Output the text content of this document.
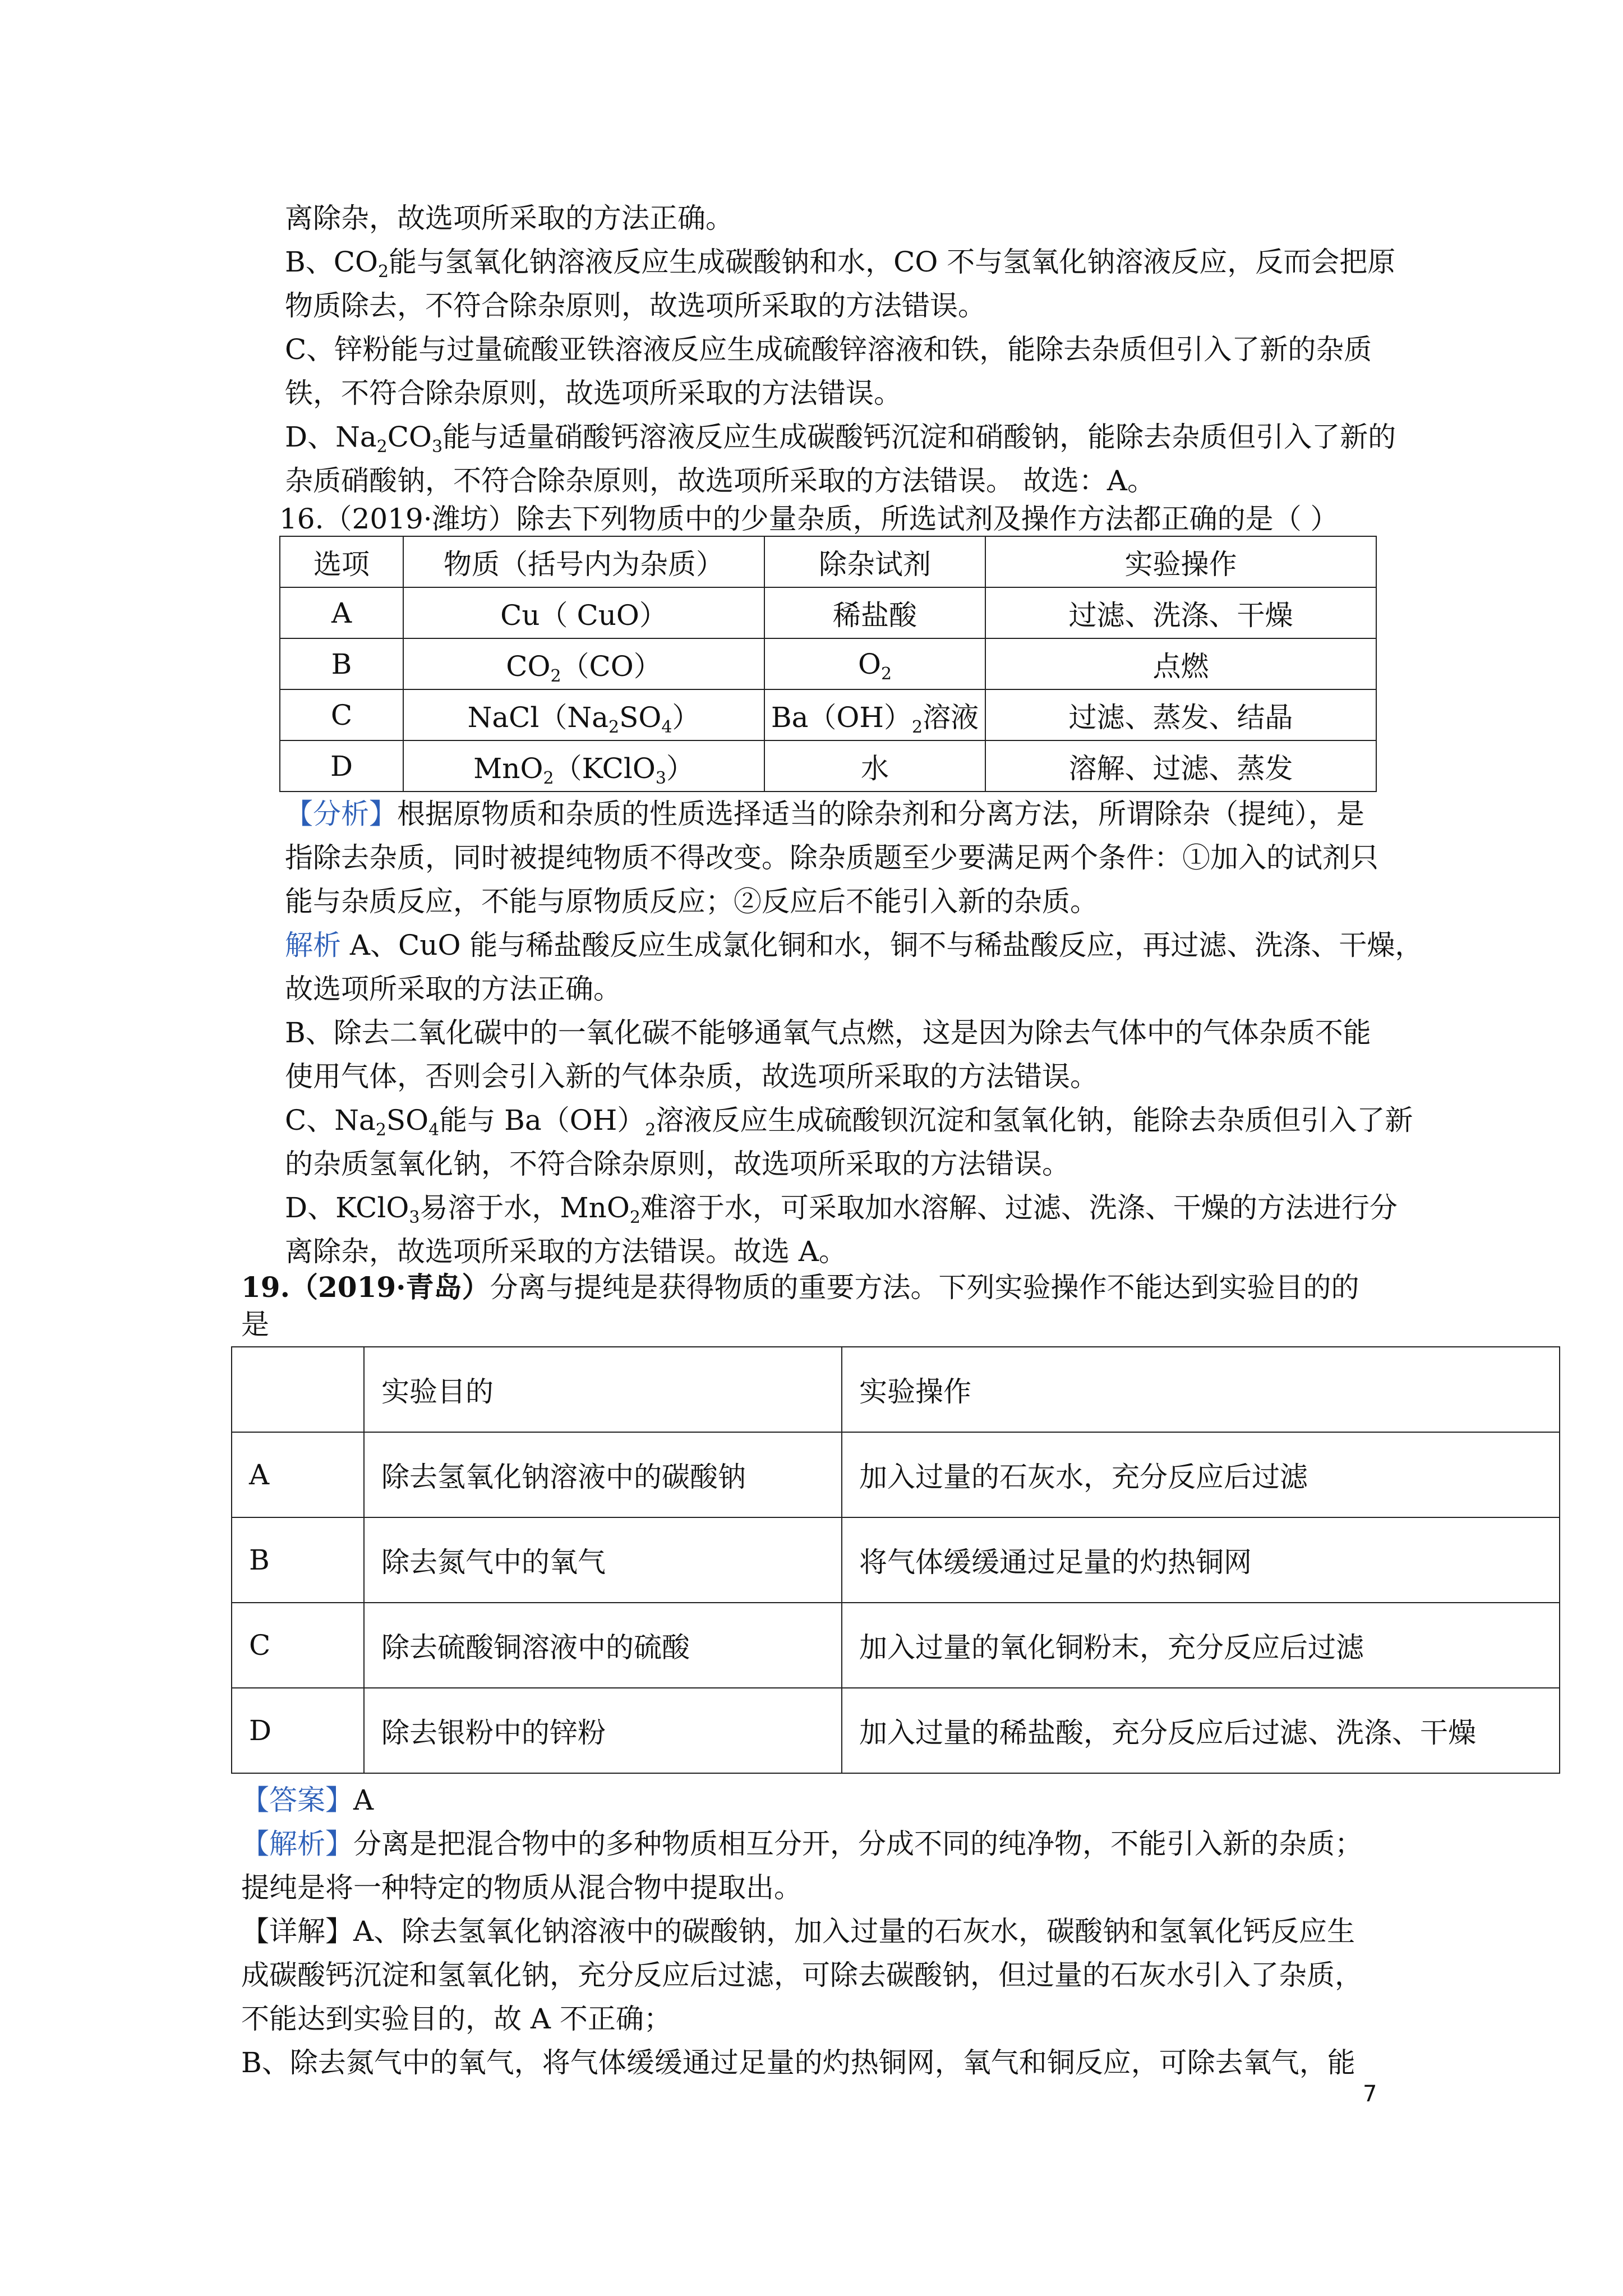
离除杂，故选项所采取的方法正确。
B、$CO_2$能与氢氧化钠溶液反应生成碳酸钠和水，CO 不与氢氧化钠溶液反应，反而会把原
物质除去，不符合除杂原则，故选项所采取的方法错误。
C、锌粉能与过量硫酸亚铁溶液反应生成硫酸锌溶液和铁，能除去杂质但引入了新的杂质
铁，不符合除杂原则，故选项所采取的方法错误。
D、$Na_2CO_3$能与适量硝酸钙溶液反应生成碳酸钙沉淀和硝酸钠，能除去杂质但引入了新的
杂质硝酸钠，不符合除杂原则，故选项所采取的方法错误。 故选：A。
16.（2019·潍坊）除去下列物质中的少量杂质，所选试剂及操作方法都正确的是（ ）
选项	物质（括号内为杂质）	除杂试剂	实验操作
A	Cu（ CuO）	稀盐酸	过滤、洗涤、干燥
B	$CO_2(CO)$	$O_2$	点燃
C	$NaCl(Na_2SO_4)$	$Ba(OH)_2$溶液	过滤、蒸发、结晶
D	MnO$_2$（KClO$_3$）	水	溶解、过滤、蒸发
【分析】根据原物质和杂质的性质选择适当的除杂剂和分离方法，所谓除杂（提纯），是
指除去杂质，同时被提纯物质不得改变。除杂质题至少要满足两个条件：①加入的试剂只
能与杂质反应，不能与原物质反应；②反应后不能引入新的杂质。
解析 A、CuO 能与稀盐酸反应生成氯化铜和水，铜不与稀盐酸反应，再过滤、洗涤、干燥，
故选项所采取的方法正确。
B、除去二氧化碳中的一氧化碳不能够通氧气点燃，这是因为除去气体中的气体杂质不能
使用气体，否则会引入新的气体杂质，故选项所采取的方法错误。
C、$Na_2SO_4$能与 $Ba(OH)_2$溶液反应生成硫酸钡沉淀和氢氧化钠，能除去杂质但引入了新
的杂质氢氧化钠，不符合除杂原则，故选项所采取的方法错误。
D、KClO$_3$易溶于水，MnO$_2$难溶于水，可采取加水溶解、过滤、洗涤、干燥的方法进行分
离除杂，故选项所采取的方法错误。故选 A。
19.（2019·青岛）分离与提纯是获得物质的重要方法。下列实验操作不能达到实验目的的
是
	实验目的	实验操作
A	除去氢氧化钠溶液中的碳酸钠	加入过量的石灰水，充分反应后过滤
B	除去氮气中的氧气	将气体缓缓通过足量的灼热铜网
C	除去硫酸铜溶液中的硫酸	加入过量的氧化铜粉末，充分反应后过滤
D	除去银粉中的锌粉	加入过量的稀盐酸，充分反应后过滤、洗涤、干燥
【答案】A
【解析】分离是把混合物中的多种物质相互分开，分成不同的纯净物，不能引入新的杂质；
提纯是将一种特定的物质从混合物中提取出。
【详解】A、除去氢氧化钠溶液中的碳酸钠，加入过量的石灰水，碳酸钠和氢氧化钙反应生
成碳酸钙沉淀和氢氧化钠，充分反应后过滤，可除去碳酸钠，但过量的石灰水引入了杂质，
不能达到实验目的，故 A 不正确；
B、除去氮气中的氧气，将气体缓缓通过足量的灼热铜网，氧气和铜反应，可除去氧气，能
7
